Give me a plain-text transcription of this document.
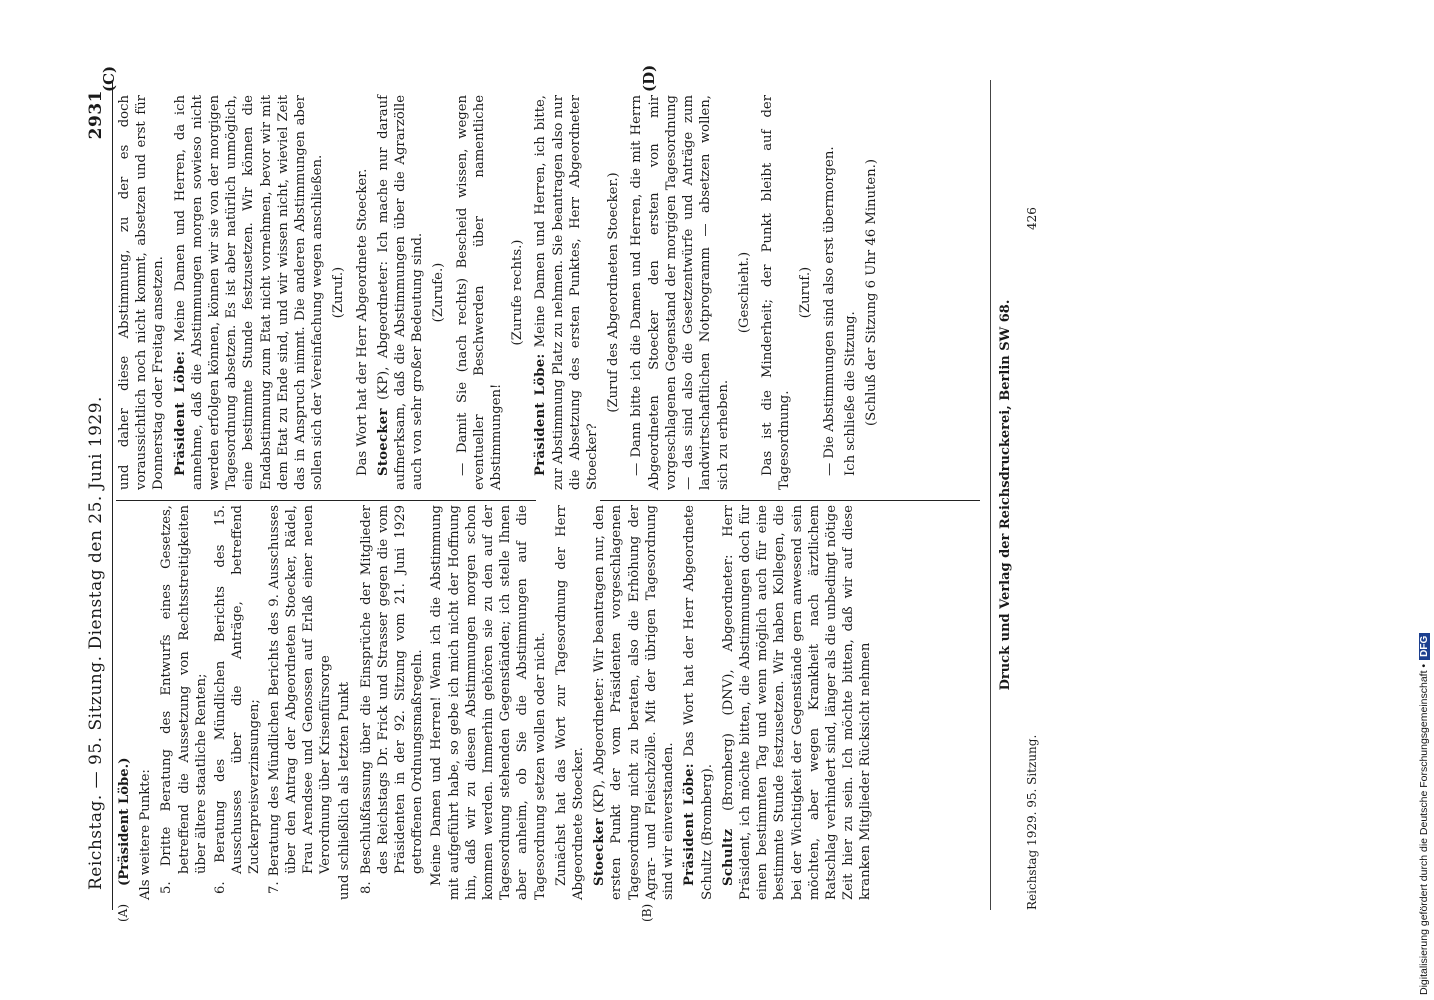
Reichstag. — 95. Sitzung. Dienstag den 25. Juni 1929.
2931
(A)	(B)
(C)	(D)

(Präsident Löbe.) Als weitere Punkte: 5. Dritte Beratung des Entwurfs eines Gesetzes, betreffend die Aussetzung von Rechtsstreitigkeiten über ältere staatliche Renten; 6. Beratung des Mündlichen Berichts des 15. Ausschusses über die Anträge, betreffend Zuckerpreisverzinsungen; 7. Beratung des Mündlichen Berichts des 9. Ausschusses über den Antrag der Abgeordneten Stoecker, Rädel, Frau Arendsee und Genossen auf Erlaß einer neuen Verordnung über Krisenfürsorge und schließlich als letzten Punkt 8. Beschlußfassung über die Einsprüche der Mitglieder des Reichstags Dr. Frick und Strasser gegen die vom Präsidenten in der 92. Sitzung vom 21. Juni 1929 getroffenen Ordnungsmaßregeln. Meine Damen und Herren! Wenn ich die Abstimmung mit aufgeführt habe, so gebe ich mich nicht der Hoffnung hin, daß wir zu diesen Abstimmungen morgen schon kommen werden. Immerhin gehören sie zu den auf der Tagesordnung stehenden Gegenständen; ich stelle Ihnen aber anheim, ob Sie die Abstimmungen auf die Tagesordnung setzen wollen oder nicht. Zunächst hat das Wort zur Tagesordnung der Herr Abgeordnete Stoecker. Stoecker (KP), Abgeordneter: Wir beantragen nur, den ersten Punkt der vom Präsidenten vorgeschlagenen Tagesordnung nicht zu beraten, also die Erhöhung der Agrar- und Fleischzölle. Mit der übrigen Tagesordnung sind wir einverstanden. Präsident Löbe: Das Wort hat der Herr Abgeordnete Schultz (Bromberg). Schultz (Bromberg) (DNV), Abgeordneter: Herr Präsident, ich möchte bitten, die Abstimmungen doch für einen bestimmten Tag und wenn möglich auch für eine bestimmte Stunde festzusetzen. Wir haben Kollegen, die bei der Wichtigkeit der Gegenstände gern anwesend sein möchten, aber wegen Krankheit nach ärztlichem Ratschlag verhindert sind, länger als die unbedingt nötige Zeit hier zu sein. Ich möchte bitten, daß wir auf diese kranken Mitglieder Rücksicht nehmen

und daher diese Abstimmung, zu der es doch voraussichtlich noch nicht kommt, absetzen und erst für Donnerstag oder Freitag ansetzen. Präsident Löbe: Meine Damen und Herren, da ich annehme, daß die Abstimmungen morgen sowieso nicht werden erfolgen können, können wir sie von der morgigen Tagesordnung absetzen. Es ist aber natürlich unmöglich, eine bestimmte Stunde festzusetzen. Wir können die Endabstimmung zum Etat nicht vornehmen, bevor wir mit dem Etat zu Ende sind, und wir wissen nicht, wieviel Zeit das in Anspruch nimmt. Die anderen Abstimmungen aber sollen sich der Vereinfachung wegen anschließen. (Zuruf.) Das Wort hat der Herr Abgeordnete Stoecker. Stoecker (KP), Abgeordneter: Ich mache nur darauf aufmerksam, daß die Abstimmungen über die Agrarzölle auch von sehr großer Bedeutung sind. (Zurufe.) — Damit Sie (nach rechts) Bescheid wissen, wegen eventueller Beschwerden über namentliche Abstimmungen!

(Zurufe rechts.)

Präsident Löbe: Meine Damen und Herren, ich bitte, zur Abstimmung Platz zu nehmen. Sie beantragen also nur die Absetzung des ersten Punktes, Herr Abgeordneter Stoecker?

(Zuruf des Abgeordneten Stoecker.) — Dann bitte ich die Damen und Herren, die mit Herrn Abgeordneten Stoecker den ersten von mir vorgeschlagenen Gegenstand der morgigen Tagesordnung — das sind also die Gesetzentwürfe und Anträge zum landwirtschaftlichen Notprogramm — absetzen wollen, sich zu erheben.

(Geschieht.) Das ist die Minderheit; der Punkt bleibt auf der Tagesordnung.

(Zuruf.) — Die Abstimmungen sind also erst übermorgen. Ich schließe die Sitzung. (Schluß der Sitzung 6 Uhr 46 Minuten.)

Druck und Verlag der Reichsdruckerei, Berlin SW 68.
Reichstag 1929. 95. Sitzung.
426
Digitalisierung gefördert durch die Deutsche Forschungsgemeinschaft •DFG
